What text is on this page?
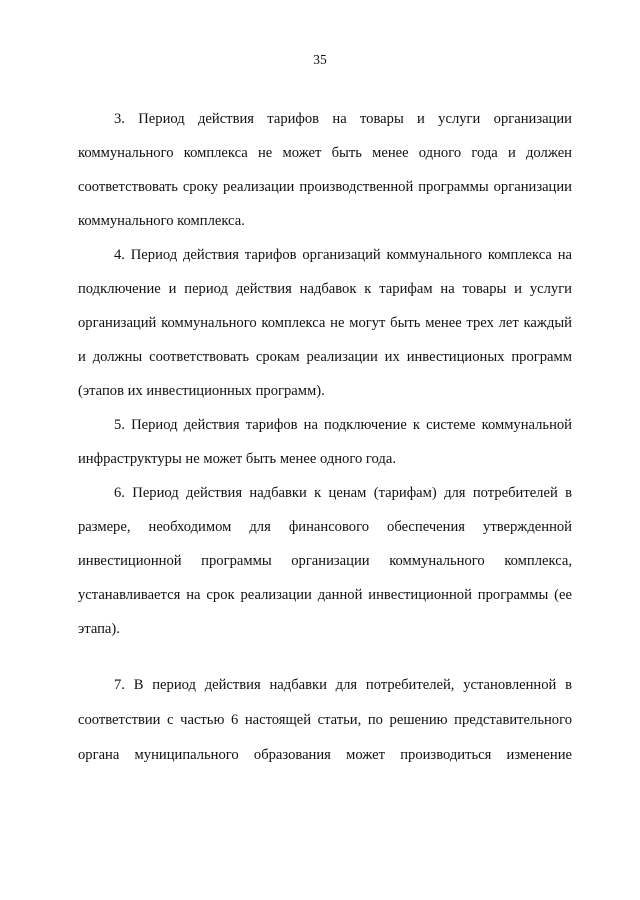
35
3. Период действия тарифов на товары и услуги организации
коммунального комплекса не может быть менее одного года и должен
соответствовать сроку реализации производственной программы организации
коммунального комплекса.
4. Период действия тарифов организаций коммунального комплекса на
подключение и период действия надбавок к тарифам на товары и услуги
организаций коммунального комплекса не могут быть менее трех лет каждый
и должны соответствовать срокам реализации их инвестиционых программ
(этапов их инвестиционных программ).
5. Период действия тарифов на подключение к системе коммунальной
инфраструктуры не может быть менее одного года.
6. Период действия надбавки к ценам (тарифам) для потребителей в
размере, необходимом для финансового обеспечения утвержденной
инвестиционной программы организации коммунального комплекса,
устанавливается на срок реализации данной инвестиционной программы (ее
этапа).
7. В период действия надбавки для потребителей, установленной в
соответствии с частью 6 настоящей статьи, по решению представительного
органа муниципального образования может производиться изменение
